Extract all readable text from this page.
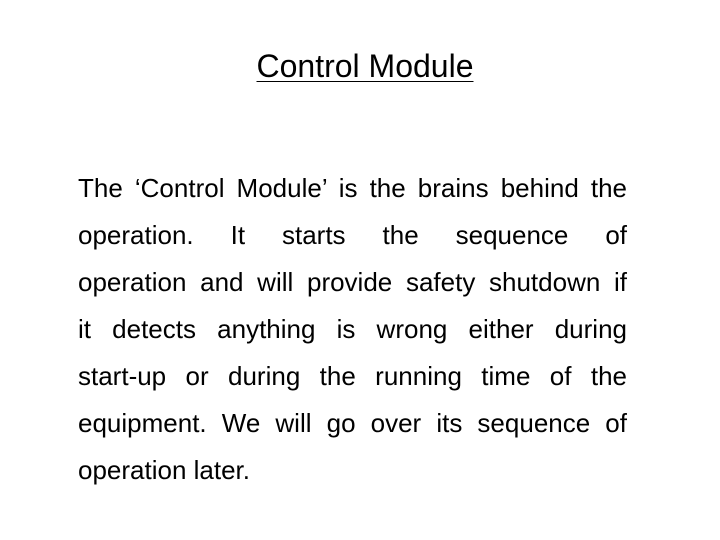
Control Module
The ‘Control Module’ is the brains behind the
operation. It starts the sequence of
operation and will provide safety shutdown if
it detects anything is wrong either during
start-up or during the running time of the
equipment. We will go over its sequence of
operation later.
